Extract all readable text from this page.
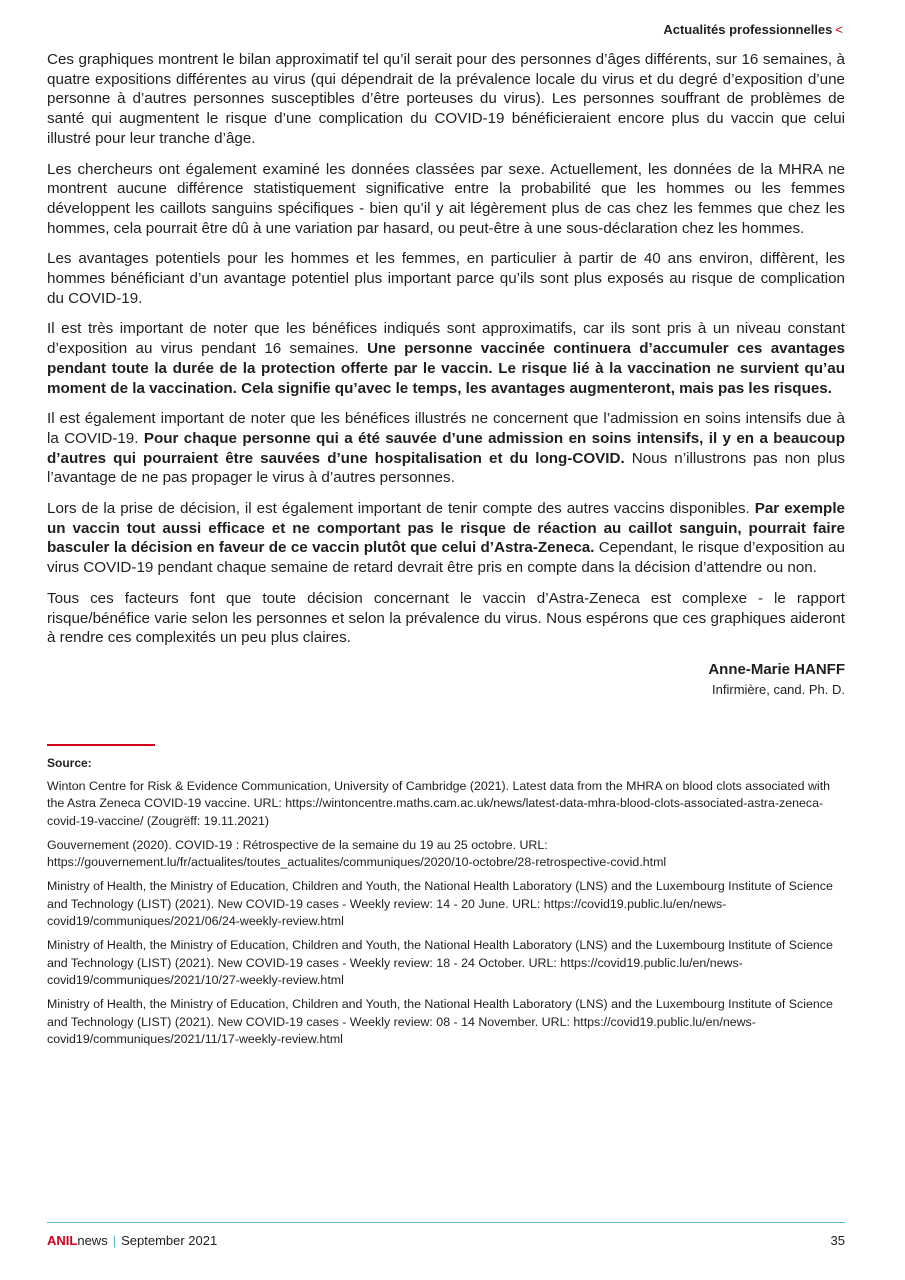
Actualités professionnelles <

Ces graphiques montrent le bilan approximatif tel qu’il serait pour des personnes d’âges différents, sur 16 semaines, à quatre expositions différentes au virus (qui dépendrait de la prévalence locale du virus et du degré d’exposition d’une personne à d’autres personnes susceptibles d’être porteuses du virus). Les personnes souffrant de problèmes de santé qui augmentent le risque d’une complication du COVID-19 bénéficieraient encore plus du vaccin que celui illustré pour leur tranche d’âge.

Les chercheurs ont également examiné les données classées par sexe. Actuellement, les données de la MHRA ne montrent aucune différence statistiquement significative entre la probabilité que les hommes ou les femmes développent les caillots sanguins spécifiques - bien qu’il y ait légèrement plus de cas chez les femmes que chez les hommes, cela pourrait être dû à une variation par hasard, ou peut-être à une sous-déclaration chez les hommes.

Les avantages potentiels pour les hommes et les femmes, en particulier à partir de 40 ans environ, diffèrent, les hommes bénéficiant d’un avantage potentiel plus important parce qu’ils sont plus exposés au risque de complication du COVID-19.

Il est très important de noter que les bénéfices indiqués sont approximatifs, car ils sont pris à un niveau constant d’exposition au virus pendant 16 semaines. Une personne vaccinée continuera d’accumuler ces avantages pendant toute la durée de la protection offerte par le vaccin. Le risque lié à la vaccination ne survient qu’au moment de la vaccination. Cela signifie qu’avec le temps, les avantages augmenteront, mais pas les risques.

Il est également important de noter que les bénéfices illustrés ne concernent que l’admission en soins intensifs due à la COVID-19. Pour chaque personne qui a été sauvée d’une admission en soins intensifs, il y en a beaucoup d’autres qui pourraient être sauvées d’une hospitalisation et du long-COVID. Nous n’illustrons pas non plus l’avantage de ne pas propager le virus à d’autres personnes.

Lors de la prise de décision, il est également important de tenir compte des autres vaccins disponibles. Par exemple un vaccin tout aussi efficace et ne comportant pas le risque de réaction au caillot sanguin, pourrait faire basculer la décision en faveur de ce vaccin plutôt que celui d’Astra-Zeneca. Cependant, le risque d’exposition au virus COVID-19 pendant chaque semaine de retard devrait être pris en compte dans la décision d’attendre ou non.

Tous ces facteurs font que toute décision concernant le vaccin d’Astra-Zeneca est complexe - le rapport risque/bénéfice varie selon les personnes et selon la prévalence du virus. Nous espérons que ces graphiques aideront à rendre ces complexités un peu plus claires.

Anne-Marie HANFF
Infirmière, cand. Ph. D.
Source:

Winton Centre for Risk & Evidence Communication, University of Cambridge (2021). Latest data from the MHRA on blood clots associated with the Astra Zeneca COVID-19 vaccine. URL: https://wintoncentre.maths.cam.ac.uk/news/latest-data-mhra-blood-clots-associated-astra-zeneca-covid-19-vaccine/ (Zougrëff: 19.11.2021)

Gouvernement (2020). COVID-19 : Rétrospective de la semaine du 19 au 25 octobre. URL: https://gouvernement.lu/fr/actualites/toutes_actualites/communiques/2020/10-octobre/28-retrospective-covid.html

Ministry of Health, the Ministry of Education, Children and Youth, the National Health Laboratory (LNS) and the Luxembourg Institute of Science and Technology (LIST) (2021). New COVID-19 cases - Weekly review: 14 - 20 June. URL: https://covid19.public.lu/en/news-covid19/communiques/2021/06/24-weekly-review.html

Ministry of Health, the Ministry of Education, Children and Youth, the National Health Laboratory (LNS) and the Luxembourg Institute of Science and Technology (LIST) (2021). New COVID-19 cases - Weekly review: 18 - 24 October. URL: https://covid19.public.lu/en/news-covid19/communiques/2021/10/27-weekly-review.html

Ministry of Health, the Ministry of Education, Children and Youth, the National Health Laboratory (LNS) and the Luxembourg Institute of Science and Technology (LIST) (2021). New COVID-19 cases - Weekly review: 08 - 14 November. URL: https://covid19.public.lu/en/news-covid19/communiques/2021/11/17-weekly-review.html

ANILnews | September 2021	35
